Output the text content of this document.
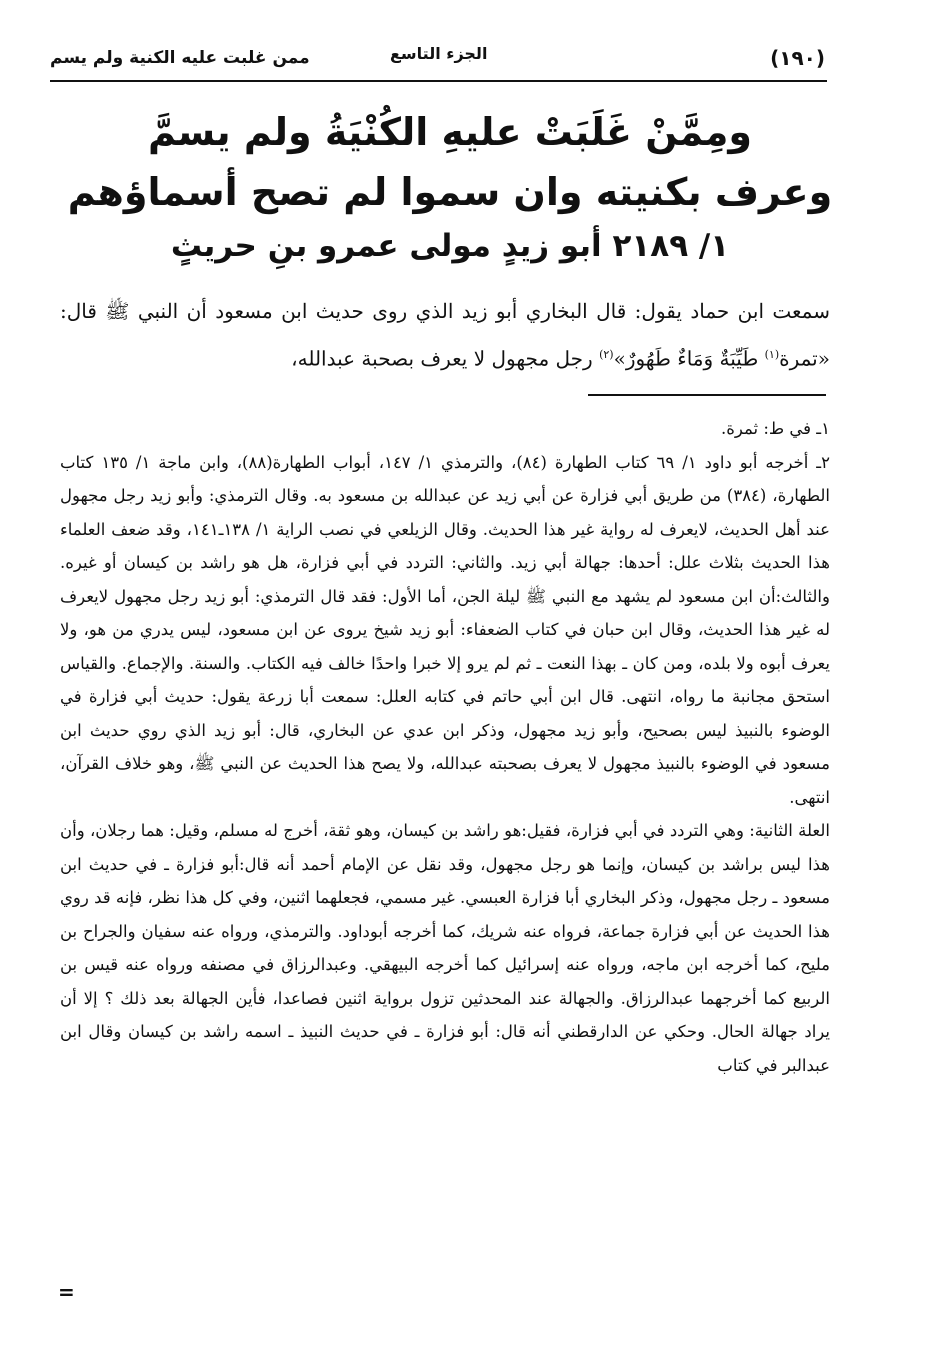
ممن غلبت عليه الكنية ولم يسم	الجزء التاسع	(١٩٠)
ومِمَّنْ غَلَبَتْ عليهِ الكُنْيَةُ ولم يسمَّ
وعرف بكنيته وان سموا لم تصح أسماؤهم
١/ ٢١٨٩ أبو زيدٍ مولى عمرو بنِ حريثٍ
سمعت ابن حماد يقول: قال البخاري أبو زيد الذي روى حديث ابن مسعود أن النبي ﷺ قال: «تمرة$^{(١)}$ طَيِّبَةٌ وَمَاءٌ طَهُورٌ»$^{(٢)}$ رجل مجهول لا يعرف بصحبة عبدالله،

١ـ في ط: ثمرة.

٢ـ أخرجه أبو داود ١/ ٦٩ كتاب الطهارة (٨٤)، والترمذي ١/ ١٤٧، أبواب الطهارة(٨٨)، وابن ماجة ١/ ١٣٥ كتاب الطهارة، (٣٨٤) من طريق أبي فزارة عن أبي زيد عن عبدالله بن مسعود به. وقال الترمذي: وأبو زيد رجل مجهول عند أهل الحديث، لايعرف له رواية غير هذا الحديث. وقال الزيلعي في نصب الراية ١/ ١٣٨ـ١٤١، وقد ضعف العلماء هذا الحديث بثلاث علل: أحدها: جهالة أبي زيد. والثاني: التردد في أبي فزارة، هل هو راشد بن كيسان أو غيره. والثالث:أن ابن مسعود لم يشهد مع النبي ﷺ ليلة الجن، أما الأول: فقد قال الترمذي: أبو زيد رجل مجهول لايعرف له غير هذا الحديث، وقال ابن حبان في كتاب الضعفاء: أبو زيد شيخ يروى عن ابن مسعود، ليس يدري من هو، ولا يعرف أبوه ولا بلده، ومن كان ـ بهذا النعت ـ ثم لم يرو إلا خبرا واحدًا خالف فيه الكتاب. والسنة. والإجماع. والقياس استحق مجانبة ما رواه، انتهى. قال ابن أبي حاتم في كتابه العلل: سمعت أبا زرعة يقول: حديث أبي فزارة في الوضوء بالنبيذ ليس بصحيح، وأبو زيد مجهول، وذكر ابن عدي عن البخاري، قال: أبو زيد الذي روي حديث ابن مسعود في الوضوء بالنبيذ مجهول لا يعرف بصحبته عبدالله، ولا يصح هذا الحديث عن النبي ﷺ، وهو خلاف القرآن، انتهى.

العلة الثانية: وهي التردد في أبي فزارة، فقيل:هو راشد بن كيسان، وهو ثقة، أخرج له مسلم، وقيل: هما رجلان، وأن هذا ليس براشد بن كيسان، وإنما هو رجل مجهول، وقد نقل عن الإمام أحمد أنه قال:أبو فزارة ـ في حديث ابن مسعود ـ رجل مجهول، وذكر البخاري أبا فزارة العبسي. غير مسمي، فجعلهما اثنين، وفي كل هذا نظر، فإنه قد روي هذا الحديث عن أبي فزارة جماعة، فرواه عنه شريك، كما أخرجه أبوداود. والترمذي، ورواه عنه سفيان والجراح بن مليح، كما أخرجه ابن ماجه، ورواه عنه إسرائيل كما أخرجه البيهقي. وعبدالرزاق في مصنفه ورواه عنه قيس بن الربيع كما أخرجهما عبدالرزاق. والجهالة عند المحدثين تزول برواية اثنين فصاعدا، فأين الجهالة بعد ذلك ؟ إلا أن يراد جهالة الحال. وحكي عن الدارقطني أنه قال: أبو فزارة ـ في حديث النبيذ ـ اسمه راشد بن كيسان وقال ابن عبدالبر في كتاب

=
